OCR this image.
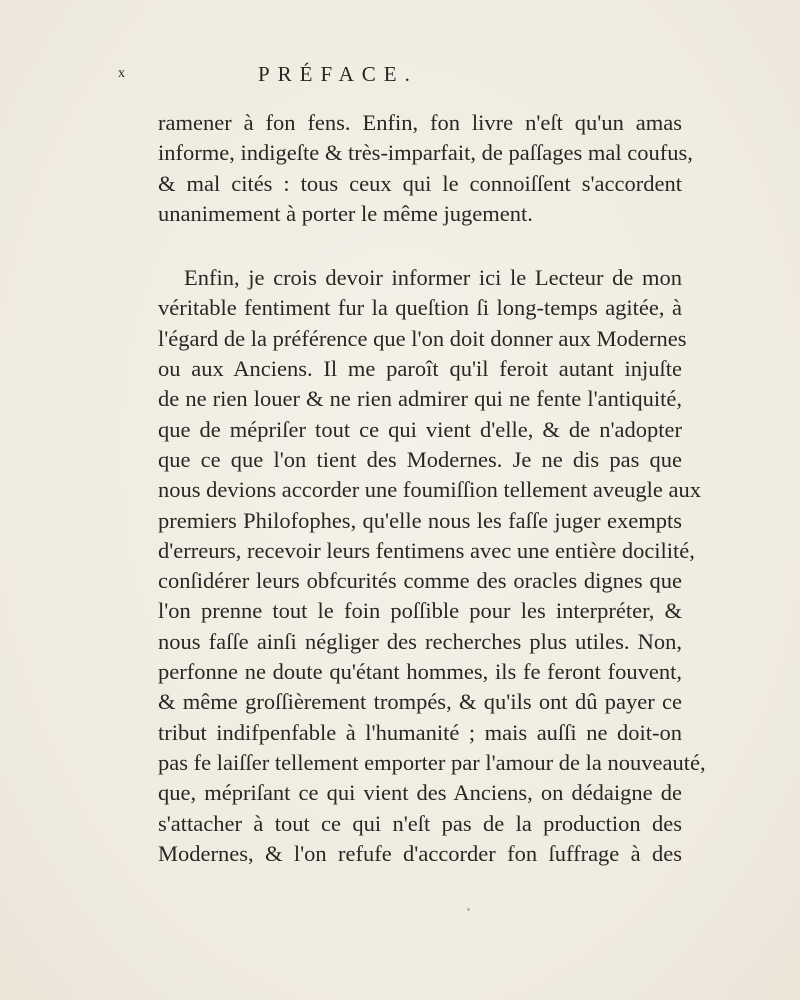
x	PRÉFACE.

ramener à fon fens. Enfin, fon livre n'eſt qu'un amas
informe, indigeſte & très-imparfait, de paſſages mal coufus,
& mal cités : tous ceux qui le connoiſſent s'accordent
unanimement à porter le même jugement.

Enfin, je crois devoir informer ici le Lecteur de mon
véritable fentiment fur la queſtion ſi long-temps agitée, à
l'égard de la préférence que l'on doit donner aux Modernes
ou aux Anciens. Il me paroît qu'il feroit autant injuſte
de ne rien louer & ne rien admirer qui ne fente l'antiquité,
que de mépriſer tout ce qui vient d'elle, & de n'adopter
que ce que l'on tient des Modernes. Je ne dis pas que
nous devions accorder une foumiſſion tellement aveugle aux
premiers Philofophes, qu'elle nous les faſſe juger exempts
d'erreurs, recevoir leurs fentimens avec une entière docilité,
conſidérer leurs obfcurités comme des oracles dignes que
l'on prenne tout le foin poſſible pour les interpréter, &
nous faſſe ainſi négliger des recherches plus utiles. Non,
perfonne ne doute qu'étant hommes, ils fe feront fouvent,
& même groſſièrement trompés, & qu'ils ont dû payer ce
tribut indifpenfable à l'humanité ; mais auſſi ne doit-on
pas fe laiſſer tellement emporter par l'amour de la nouveauté,
que, mépriſant ce qui vient des Anciens, on dédaigne de
s'attacher à tout ce qui n'eſt pas de la production des
Modernes, & l'on refufe d'accorder fon ſuffrage à des
